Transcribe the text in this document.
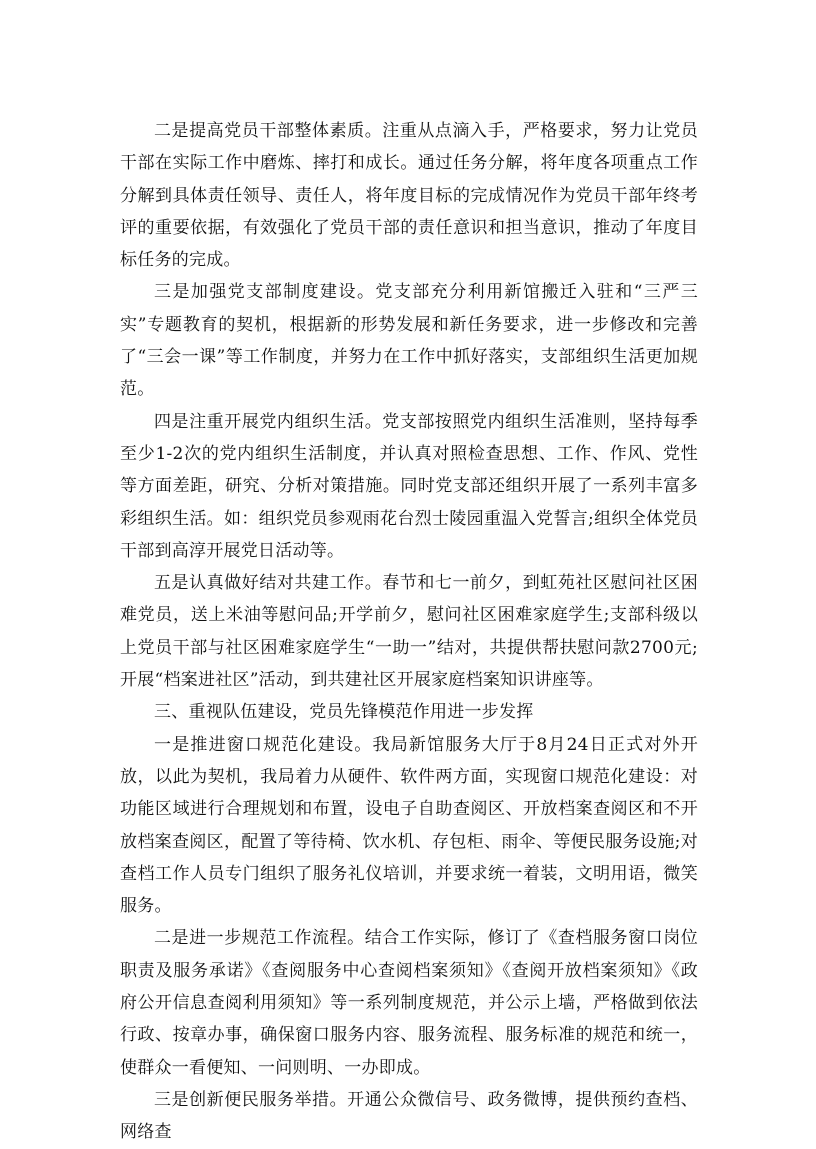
二是提高党员干部整体素质。注重从点滴入手，严格要求，努力让党员干部在实际工作中磨炼、摔打和成长。通过任务分解，将年度各项重点工作分解到具体责任领导、责任人，将年度目标的完成情况作为党员干部年终考评的重要依据，有效强化了党员干部的责任意识和担当意识，推动了年度目标任务的完成。

三是加强党支部制度建设。党支部充分利用新馆搬迁入驻和“三严三实”专题教育的契机，根据新的形势发展和新任务要求，进一步修改和完善了“三会一课”等工作制度，并努力在工作中抓好落实，支部组织生活更加规范。

四是注重开展党内组织生活。党支部按照党内组织生活准则，坚持每季至少1-2次的党内组织生活制度，并认真对照检查思想、工作、作风、党性等方面差距，研究、分析对策措施。同时党支部还组织开展了一系列丰富多彩组织生活。如：组织党员参观雨花台烈士陵园重温入党誓言;组织全体党员干部到高淳开展党日活动等。

五是认真做好结对共建工作。春节和七一前夕，到虹苑社区慰问社区困难党员，送上米油等慰问品;开学前夕，慰问社区困难家庭学生;支部科级以上党员干部与社区困难家庭学生“一助一”结对，共提供帮扶慰问款2700元;开展“档案进社区”活动，到共建社区开展家庭档案知识讲座等。

三、重视队伍建设，党员先锋模范作用进一步发挥

一是推进窗口规范化建设。我局新馆服务大厅于8月24日正式对外开放，以此为契机，我局着力从硬件、软件两方面，实现窗口规范化建设：对功能区域进行合理规划和布置，设电子自助查阅区、开放档案查阅区和不开放档案查阅区，配置了等待椅、饮水机、存包柜、雨伞、等便民服务设施;对查档工作人员专门组织了服务礼仪培训，并要求统一着装，文明用语，微笑服务。

二是进一步规范工作流程。结合工作实际，修订了《查档服务窗口岗位职责及服务承诺》《查阅服务中心查阅档案须知》《查阅开放档案须知》《政府公开信息查阅利用须知》等一系列制度规范，并公示上墙，严格做到依法行政、按章办事，确保窗口服务内容、服务流程、服务标准的规范和统一，使群众一看便知、一问则明、一办即成。

三是创新便民服务举措。开通公众微信号、政务微博，提供预约查档、网络查
